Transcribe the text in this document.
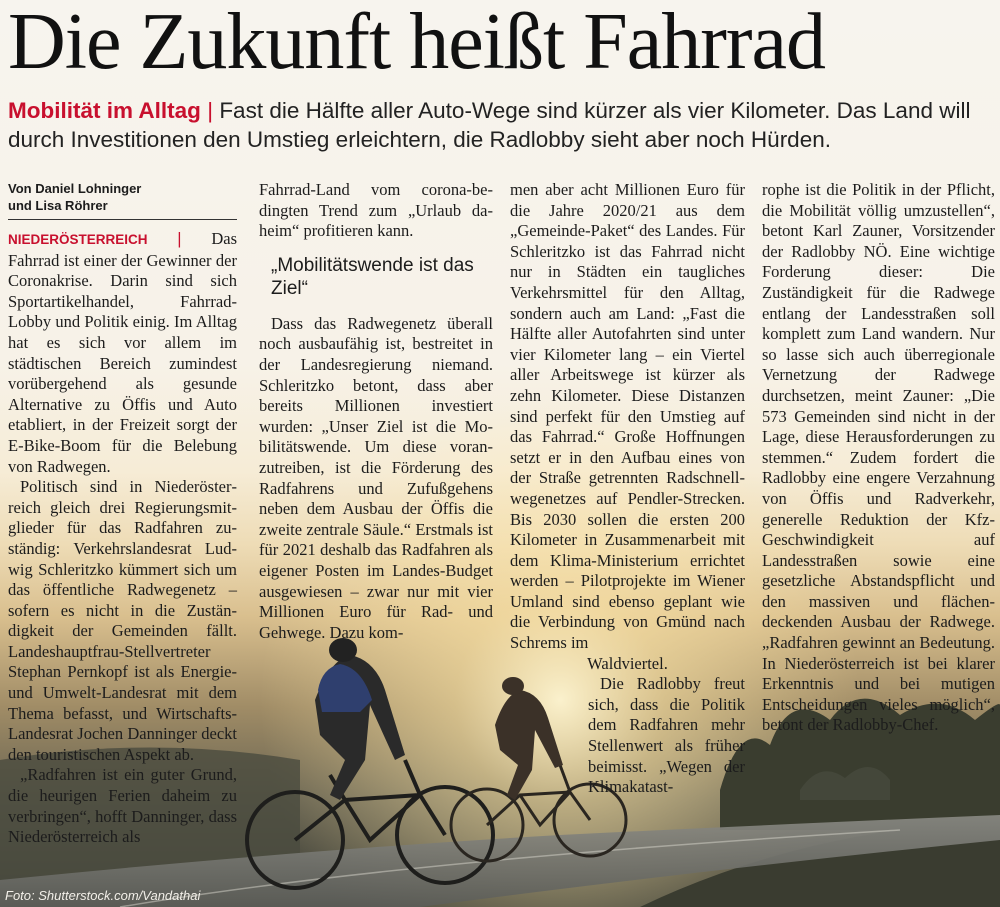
Die Zukunft heißt Fahrrad
Mobilität im Alltag | Fast die Hälfte aller Auto-Wege sind kürzer als vier Kilometer. Das Land will durch Investitionen den Umstieg erleichtern, die Radlobby sieht aber noch Hürden.
Von Daniel Lohninger
und Lisa Röhrer

NIEDERÖSTERREICH | Das Fahrrad ist einer der Gewinner der Coronakrise. Darin sind sich Sportartikelhandel, Fahrrad-Lobby und Politik einig. Im Alltag hat es sich vor allem im städtischen Bereich zumindest vorübergehend als gesunde Alternative zu Öffis und Auto etabliert, in der Freizeit sorgt der E-Bike-Boom für die Belebung von Radwegen.

Politisch sind in Niederösterreich gleich drei Regierungsmitglieder für das Radfahren zuständig: Verkehrslandesrat Ludwig Schleritzko kümmert sich um das öffentliche Radwegenetz – sofern es nicht in die Zuständigkeit der Gemeinden fällt. Landeshauptfrau-Stellvertreter Stephan Pernkopf ist als Energie- und Umwelt-Landesrat mit dem Thema befasst, und Wirtschafts-Landesrat Jochen Danninger deckt den touristischen Aspekt ab.

„Radfahren ist ein guter Grund, die heurigen Ferien daheim zu verbringen“, hofft Danninger, dass Niederösterreich als

Fahrrad-Land vom corona-bedingten Trend zum „Urlaub daheim“ profitieren kann.

„Mobilitätswende ist das Ziel“

Dass das Radwegenetz überall noch ausbaufähig ist, bestreitet in der Landesregierung niemand. Schleritzko betont, dass aber bereits Millionen investiert wurden: „Unser Ziel ist die Mobilitätswende. Um diese voranzutreiben, ist die Förderung des Radfahrens und Zufußgehens neben dem Ausbau der Öffis die zweite zentrale Säule.“ Erstmals ist für 2021 deshalb das Radfahren als eigener Posten im Landes-Budget ausgewiesen – zwar nur mit vier Millionen Euro für Rad- und Gehwege. Dazu kom-

men aber acht Millionen Euro für die Jahre 2020/21 aus dem „Gemeinde-Paket“ des Landes. Für Schleritzko ist das Fahrrad nicht nur in Städten ein taugliches Verkehrsmittel für den Alltag, sondern auch am Land: „Fast die Hälfte aller Autofahrten sind unter vier Kilometer lang – ein Viertel aller Arbeitswege ist kürzer als zehn Kilometer. Diese Distanzen sind perfekt für den Umstieg auf das Fahrrad.“ Große Hoffnungen setzt er in den Aufbau eines von der Straße getrennten Radschnellwegenetzes auf Pendler-Strecken. Bis 2030 sollen die ersten 200 Kilometer in Zusammenarbeit mit dem Klima-Ministerium errichtet werden – Pilotprojekte im Wiener Umland sind ebenso geplant wie die Verbindung von Gmünd nach Schrems im

Waldviertel.

Die Radlobby freut sich, dass die Politik dem Radfahren mehr Stellenwert als früher beimisst. „Wegen der Klimakatast-

rophe ist die Politik in der Pflicht, die Mobilität völlig umzustellen“, betont Karl Zauner, Vorsitzender der Radlobby NÖ. Eine wichtige Forderung dieser: Die Zuständigkeit für die Radwege entlang der Landesstraßen soll komplett zum Land wandern. Nur so lasse sich auch überregionale Vernetzung der Radwege durchsetzen, meint Zauner: „Die 573 Gemeinden sind nicht in der Lage, diese Herausforderungen zu stemmen.“ Zudem fordert die Radlobby eine engere Verzahnung von Öffis und Radverkehr, generelle Reduktion der Kfz-Geschwindigkeit auf Landesstraßen sowie eine gesetzliche Abstandspflicht und den massiven und flächendeckenden Ausbau der Radwege. „Radfahren gewinnt an Bedeutung. In Niederösterreich ist bei klarer Erkenntnis und bei mutigen Entscheidungen vieles möglich“, betont der Radlobby-Chef.

Foto: Shutterstock.com/Vandathai
